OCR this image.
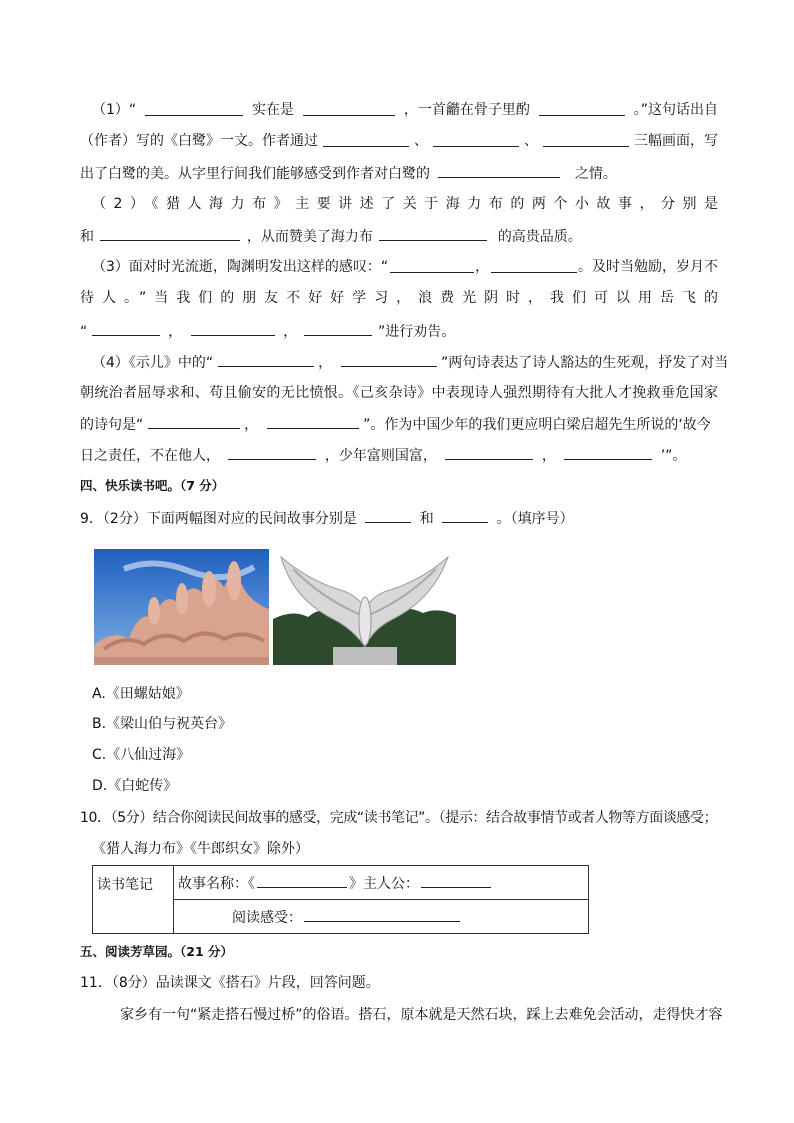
（1）“	实在是	，一首龤在骨子里酌	。”这句话出自
（作者）写的《白鹭》一文。作者通过	、	、	三幅画面，写
出了白鹭的美。从字里行间我们能够感受到作者对白鹭的	之情。
（2）《猎人海力布》主要讲述了关于海力布的两个小故事，分别是
和	，从而赞美了海力布	的高贵品质。
（3）面对时光流逝，陶渊明发出这样的感叹：“	，	。及时当勉励，岁月不
待人。”当我们的朋友不好好学习，浪费光阴时，我们可以用岳飞的
“	，	，	”进行劝告。
（4）《示儿》中的“	，	”两句诗表达了诗人豁达的生死观，抒发了对当
朝统治者屈辱求和、苟且偷安的无比愤恨。《己亥杂诗》中表现诗人强烈期待有大批人才挽救垂危国家
的诗句是“	，	”。作为中国少年的我们更应明白梁启超先生所说的‘故今
日之责任，不在他人，	，少年富则国富，	，	’”。
四、快乐读书吧。（7 分）
9．（2分）下面两幅图对应的民间故事分别是	和	。（填序号）
A.《田螺姑娘》
B.《梁山伯与祝英台》
C.《八仙过海》
D.《白蛇传》
10．（5分）结合你阅读民间故事的感受，完成“读书笔记”。（提示：结合故事情节或者人物等方面谈感受；
《猎人海力布》《牛郎织女》除外）
读书笔记	故事名称：《	》主人公：
阅读感受：
五、阅读芳草园。（21 分）
11．（8分）品读课文《搭石》片段，回答问题。
家乡有一句“紧走搭石慢过桥”的俗语。搭石，原本就是天然石块，踩上去难免会活动，走得快才容
